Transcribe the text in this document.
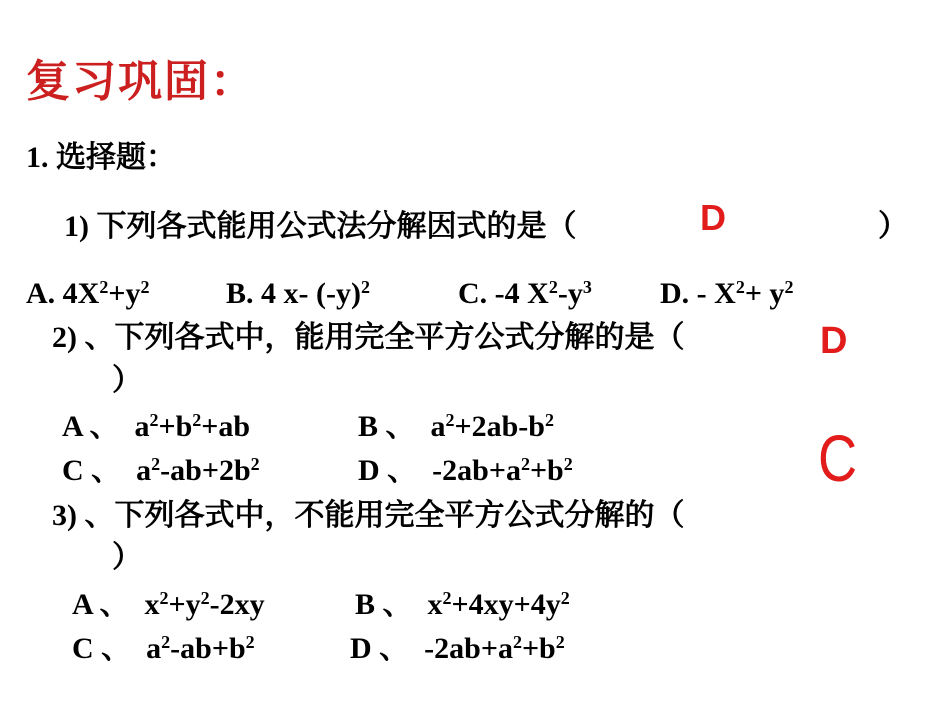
复习巩固：
1. 选择题：
1) 下列各式能用公式法分解因式的是（	）
D
A. $4X^2+y^2$	B. 4 x- $(-y)^2$	C. -4 $X^2-y^3$ D. - $X^2+ y^2$
2) 、下列各式中，能用完全平方公式分解的是（
）
D
A 、 $a^2+b^2+ab$	B 、 $a^2+2ab-b^2$
C 、 $a^2-ab+2b^2$	D 、 $-2ab+a^2+b^2$	C
3) 、下列各式中，不能用完全平方公式分解的（
）
A 、 $x^2+y^2-2xy$	B 、 $x^2+4xy+4y^2$
C 、 $a^2-ab+b^2$	D 、 $-2ab+a^2+b^2$
